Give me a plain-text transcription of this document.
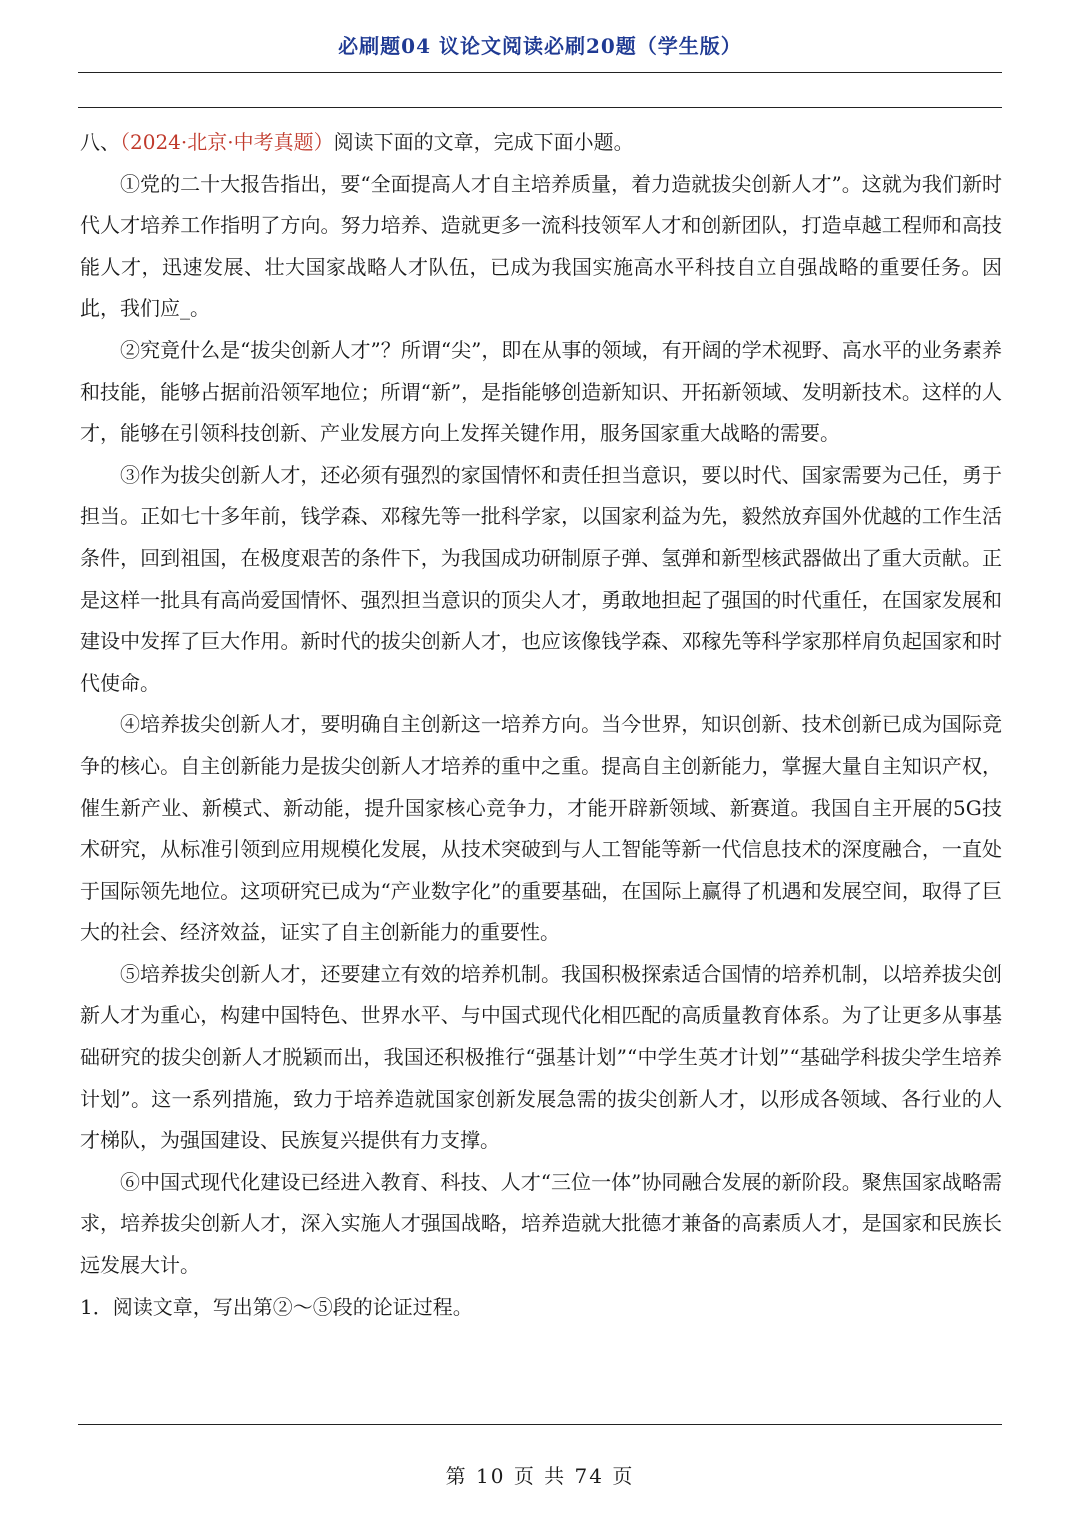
必刷题04 议论文阅读必刷20题（学生版）

八、（2024·北京·中考真题）阅读下面的文章，完成下面小题。

①党的二十大报告指出，要“全面提高人才自主培养质量，着力造就拔尖创新人才”。这就为我们新时代人才培养工作指明了方向。努力培养、造就更多一流科技领军人才和创新团队，打造卓越工程师和高技能人才，迅速发展、壮大国家战略人才队伍，已成为我国实施高水平科技自立自强战略的重要任务。因此，我们应_。

②究竟什么是“拔尖创新人才”？所谓“尖”，即在从事的领域，有开阔的学术视野、高水平的业务素养和技能，能够占据前沿领军地位；所谓“新”，是指能够创造新知识、开拓新领域、发明新技术。这样的人才，能够在引领科技创新、产业发展方向上发挥关键作用，服务国家重大战略的需要。

③作为拔尖创新人才，还必须有强烈的家国情怀和责任担当意识，要以时代、国家需要为己任，勇于担当。正如七十多年前，钱学森、邓稼先等一批科学家，以国家利益为先，毅然放弃国外优越的工作生活条件，回到祖国，在极度艰苦的条件下，为我国成功研制原子弹、氢弹和新型核武器做出了重大贡献。正是这样一批具有高尚爱国情怀、强烈担当意识的顶尖人才，勇敢地担起了强国的时代重任，在国家发展和建设中发挥了巨大作用。新时代的拔尖创新人才，也应该像钱学森、邓稼先等科学家那样肩负起国家和时代使命。

④培养拔尖创新人才，要明确自主创新这一培养方向。当今世界，知识创新、技术创新已成为国际竞争的核心。自主创新能力是拔尖创新人才培养的重中之重。提高自主创新能力，掌握大量自主知识产权，催生新产业、新模式、新动能，提升国家核心竞争力，才能开辟新领域、新赛道。我国自主开展的5G技术研究，从标准引领到应用规模化发展，从技术突破到与人工智能等新一代信息技术的深度融合，一直处于国际领先地位。这项研究已成为“产业数字化”的重要基础，在国际上赢得了机遇和发展空间，取得了巨大的社会、经济效益，证实了自主创新能力的重要性。

⑤培养拔尖创新人才，还要建立有效的培养机制。我国积极探索适合国情的培养机制，以培养拔尖创新人才为重心，构建中国特色、世界水平、与中国式现代化相匹配的高质量教育体系。为了让更多从事基础研究的拔尖创新人才脱颖而出，我国还积极推行“强基计划”“中学生英才计划”“基础学科拔尖学生培养计划”。这一系列措施，致力于培养造就国家创新发展急需的拔尖创新人才，以形成各领域、各行业的人才梯队，为强国建设、民族复兴提供有力支撑。

⑥中国式现代化建设已经进入教育、科技、人才“三位一体”协同融合发展的新阶段。聚焦国家战略需求，培养拔尖创新人才，深入实施人才强国战略，培养造就大批德才兼备的高素质人才，是国家和民族长远发展大计。

1．阅读文章，写出第②～⑤段的论证过程。

第 10 页 共 74 页
